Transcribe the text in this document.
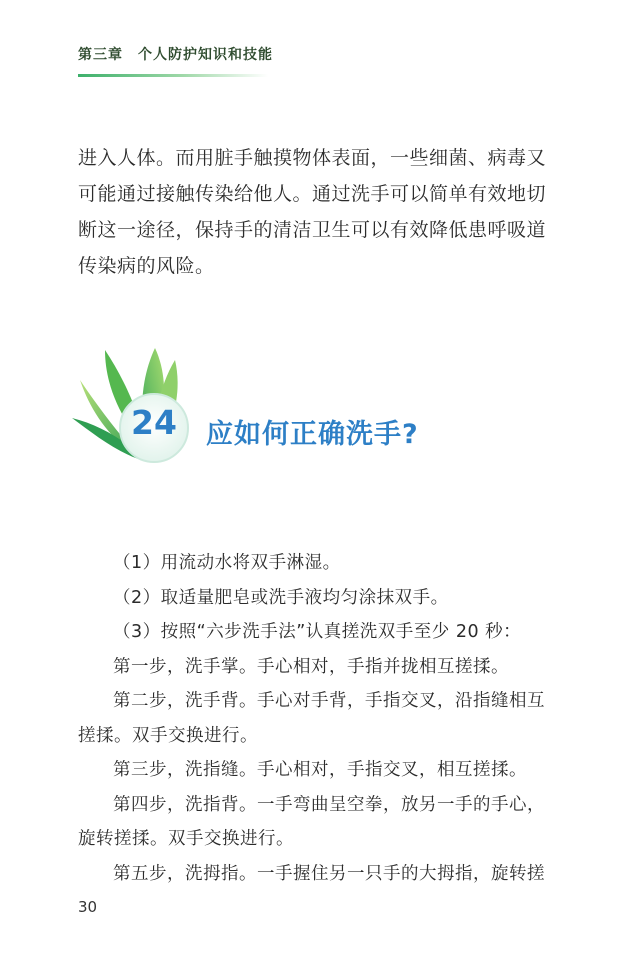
第三章　个人防护知识和技能

进入人体。而用脏手触摸物体表面，一些细菌、病毒又可能通过接触传染给他人。通过洗手可以简单有效地切断这一途径，保持手的清洁卫生可以有效降低患呼吸道传染病的风险。

24	应如何正确洗手?

（1）用流动水将双手淋湿。

（2）取适量肥皂或洗手液均匀涂抹双手。

（3）按照“六步洗手法”认真搓洗双手至少 20 秒：

第一步，洗手掌。手心相对，手指并拢相互搓揉。

第二步，洗手背。手心对手背，手指交叉，沿指缝相互搓揉。双手交换进行。

第三步，洗指缝。手心相对，手指交叉，相互搓揉。

第四步，洗指背。一手弯曲呈空拳，放另一手的手心，旋转搓揉。双手交换进行。

第五步，洗拇指。一手握住另一只手的大拇指，旋转搓

30
